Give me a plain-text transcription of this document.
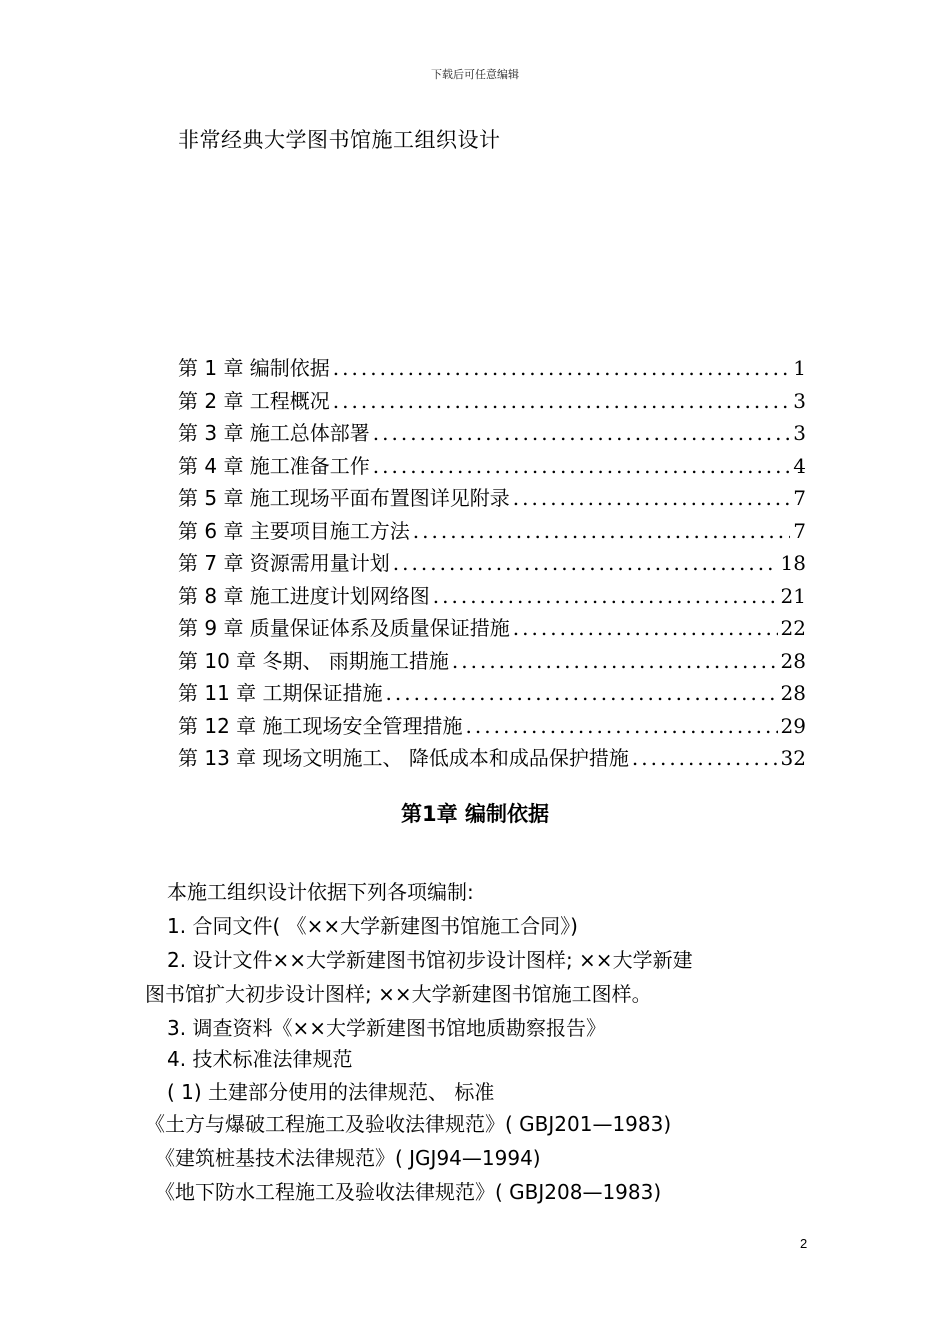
下载后可任意编辑
非常经典大学图书馆施工组织设计
第 1 章 编制依据 .....	1
第 2 章 工程概况 .....	3
第 3 章 施工总体部署 .....	3
第 4 章 施工准备工作 .....	4
第 5 章 施工现场平面布置图详见附录 .....	7
第 6 章 主要项目施工方法 .....	7
第 7 章 资源需用量计划 .....	18
第 8 章 施工进度计划网络图 .....	21
第 9 章 质量保证体系及质量保证措施 .....	22
第 10 章 冬期、 雨期施工措施 .....	28
第 11 章 工期保证措施 .....	28
第 12 章 施工现场安全管理措施 .....	29
第 13 章 现场文明施工、 降低成本和成品保护措施 .....	32
第1章 编制依据
本施工组织设计依据下列各项编制:
1. 合同文件( 《××大学新建图书馆施工合同》)
2. 设计文件××大学新建图书馆初步设计图样; ××大学新建
图书馆扩大初步设计图样; ××大学新建图书馆施工图样。
3. 调查资料《××大学新建图书馆地质勘察报告》
4. 技术标准法律规范
( 1) 土建部分使用的法律规范、 标准
《土方与爆破工程施工及验收法律规范》( GBJ201—1983)
《建筑桩基技术法律规范》( JGJ94—1994)
《地下防水工程施工及验收法律规范》( GBJ208—1983)
2
